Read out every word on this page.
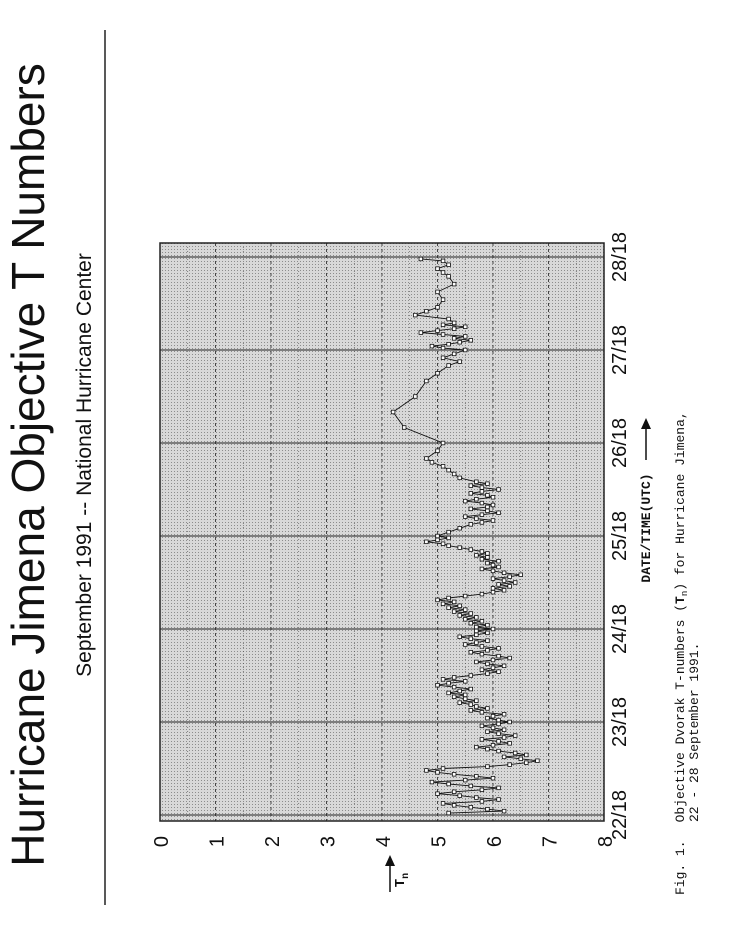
Hurricane Jimena Objective T Numbers September 1991 -- National Hurricane Center
0 1 2 3 4 5 6 7 8
22/18
23/18
24/18
25/18
26/18
27/18
28/18
$T_n$
DATE/TIME(UTC)
Fig. 1.Objective Dvorak T-numbers $(T_n)$ for Hurricane Jimena,
22 - 28 September 1991.
